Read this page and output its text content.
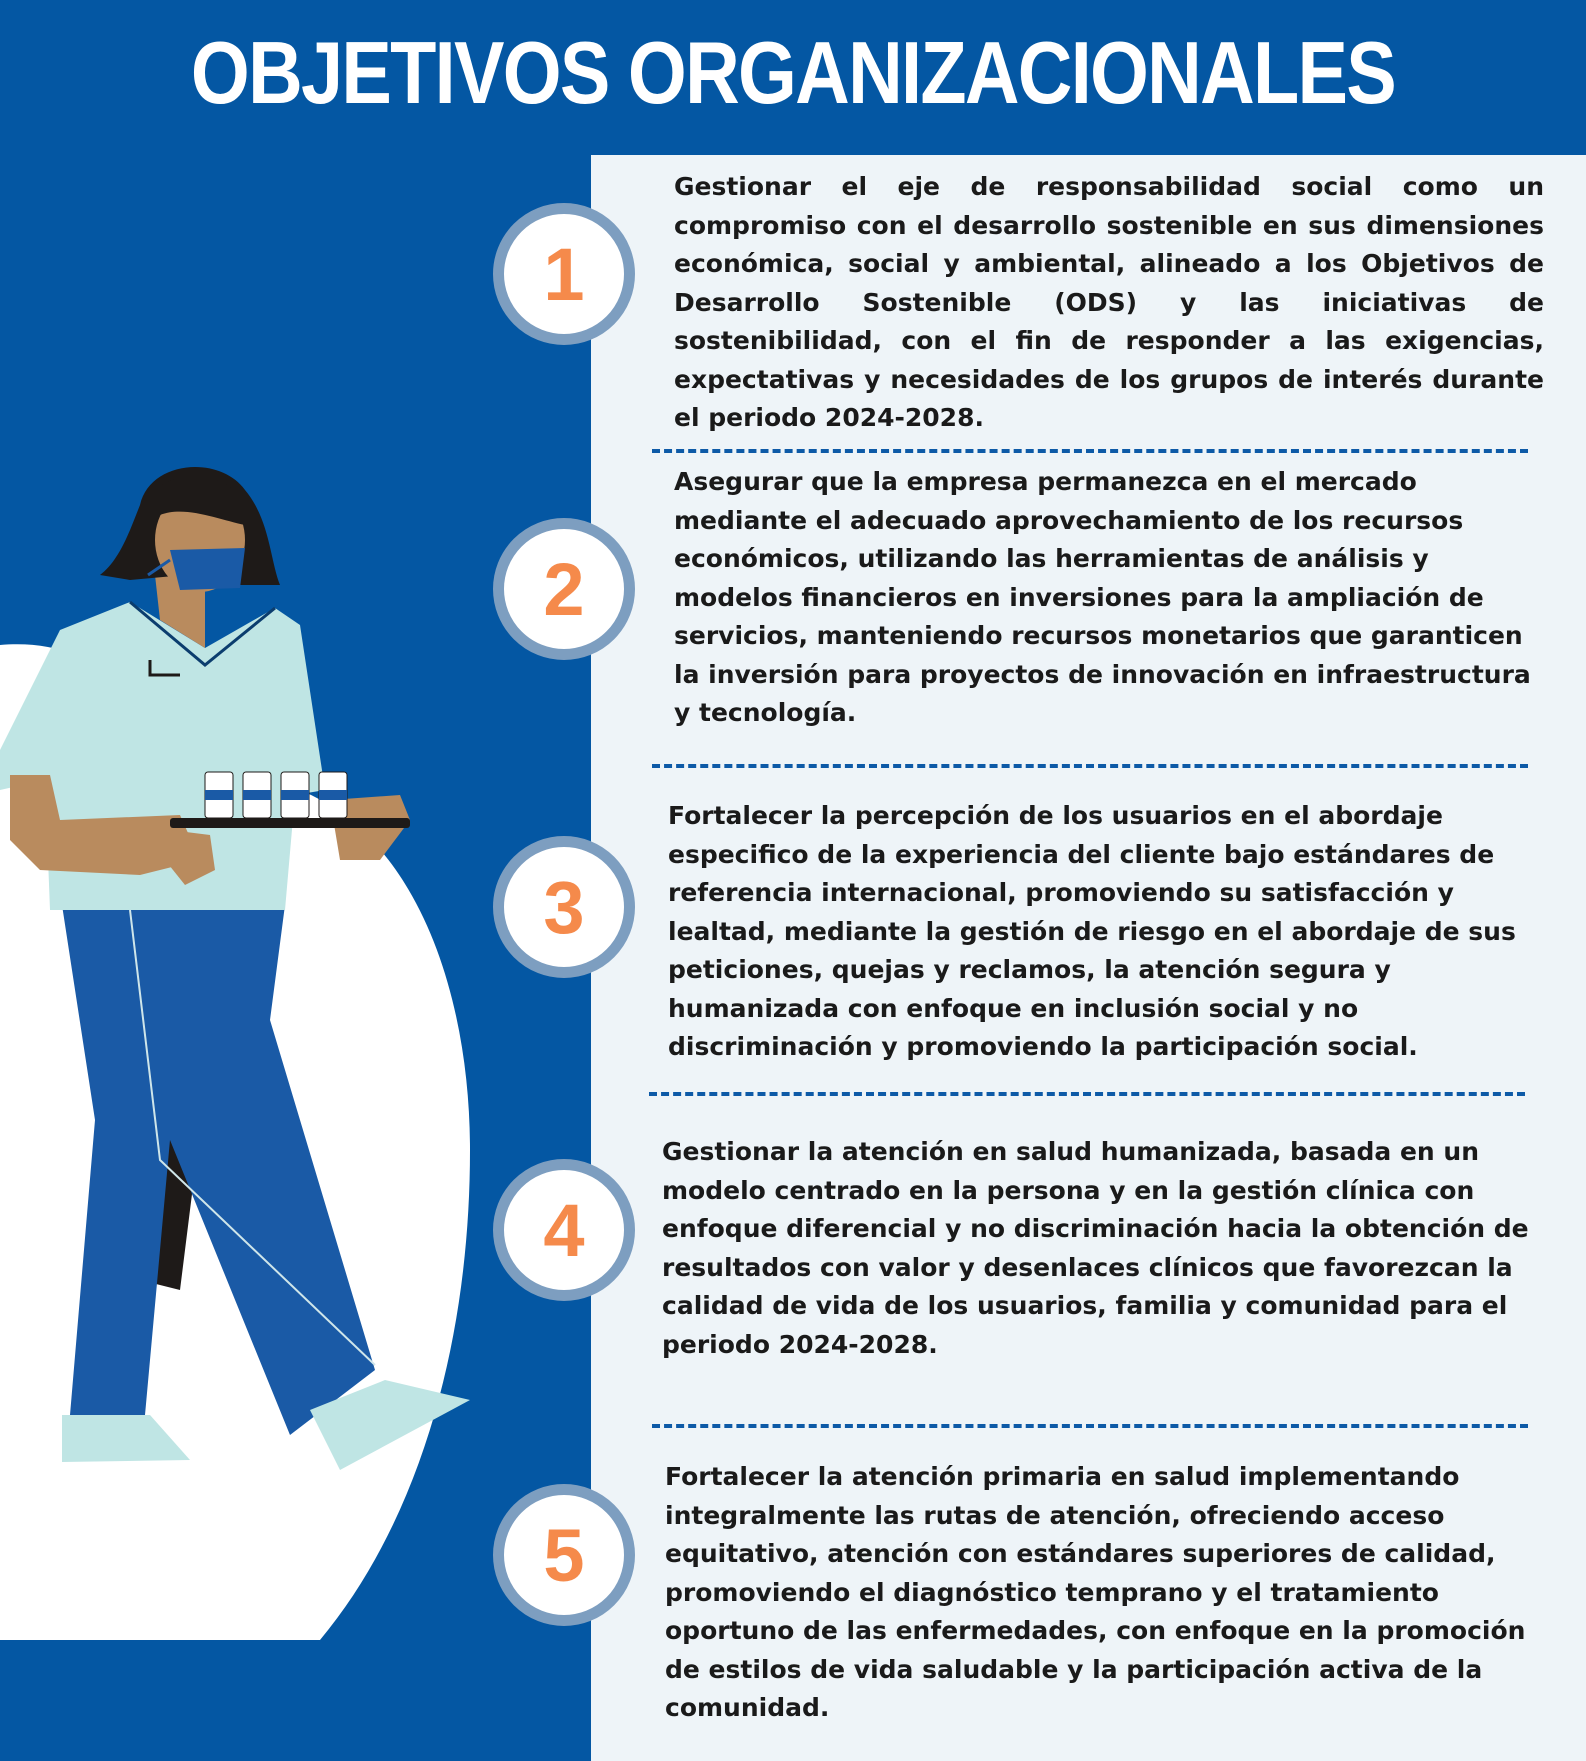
OBJETIVOS ORGANIZACIONALES
1
Gestionar el eje de responsabilidad social como un compromiso con el desarrollo sostenible en sus dimensiones económica, social y ambiental, alineado a los Objetivos de Desarrollo Sostenible (ODS) y las iniciativas de sostenibilidad, con el fin de responder a las exigencias, expectativas y necesidades de los grupos de interés durante el periodo 2024-2028.
2
Asegurar que la empresa permanezca en el mercado mediante el adecuado aprovechamiento de los recursos económicos, utilizando las herramientas de análisis y modelos financieros en inversiones para la ampliación de servicios, manteniendo recursos monetarios que garanticen la inversión para proyectos de innovación en infraestructura y tecnología.
3
Fortalecer la percepción de los usuarios en el abordaje especifico de la experiencia del cliente bajo estándares de referencia internacional, promoviendo su satisfacción y lealtad, mediante la gestión de riesgo en el abordaje de sus peticiones, quejas y reclamos, la atención segura y humanizada con enfoque en inclusión social y no discriminación y promoviendo la participación social.
4
Gestionar la atención en salud humanizada, basada en un modelo centrado en la persona y en la gestión clínica con enfoque diferencial y no discriminación hacia la obtención de resultados con valor y desenlaces clínicos que favorezcan la calidad de vida de los usuarios, familia y comunidad para el periodo 2024-2028.
5
Fortalecer la atención primaria en salud implementando integralmente las rutas de atención, ofreciendo acceso equitativo, atención con estándares superiores de calidad, promoviendo el diagnóstico temprano y el tratamiento oportuno de las enfermedades, con enfoque en la promoción de estilos de vida saludable y la participación activa de la comunidad.
